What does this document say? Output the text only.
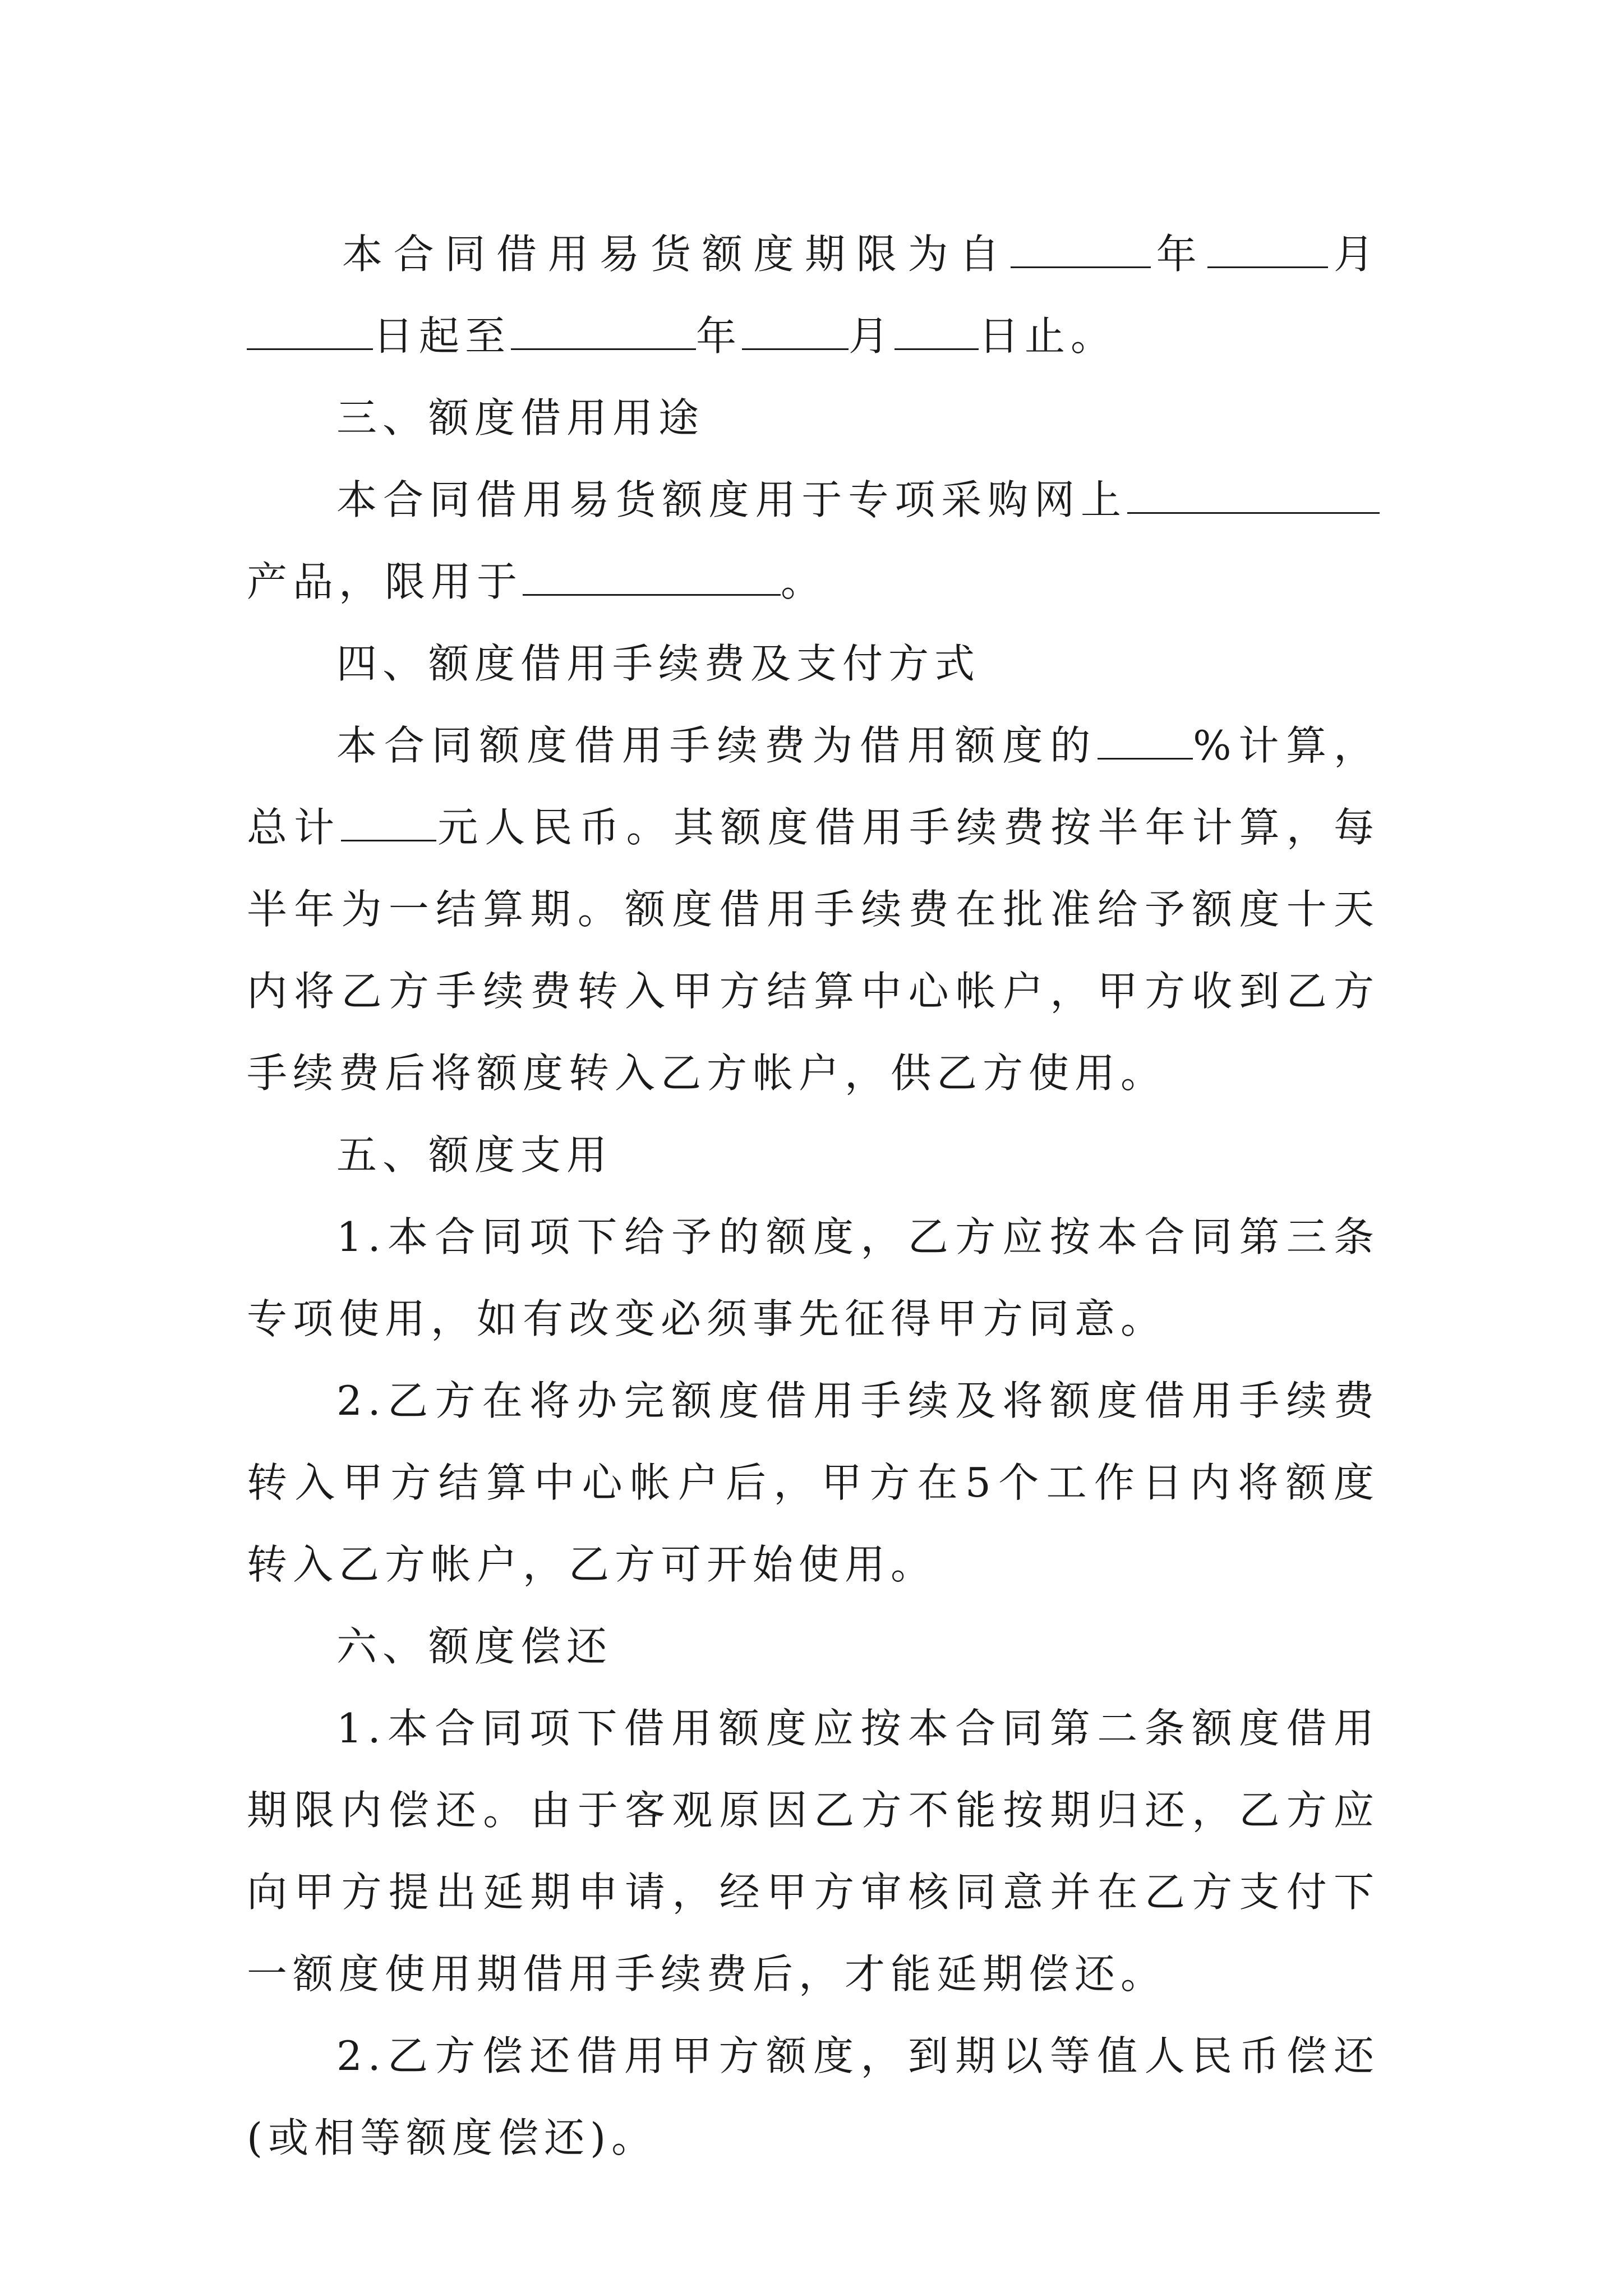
本合同借用易货额度期限为自	年	月日起至	年	月 日止。

三、额度借用用途

本合同借用易货额度用于专项采购网上产品，限用于	。

四、额度借用手续费及支付方式

本合同额度借用手续费为借用额度的 %计算，总计 元人民币。其额度借用手续费按半年计算，每半年为一结算期。额度借用手续费在批准给予额度十天内将乙方手续费转入甲方结算中心帐户，甲方收到乙方手续费后将额度转入乙方帐户，供乙方使用。

五、额度支用

1.本合同项下给予的额度，乙方应按本合同第三条专项使用，如有改变必须事先征得甲方同意。

2.乙方在将办完额度借用手续及将额度借用手续费转入甲方结算中心帐户后，甲方在5个工作日内将额度转入乙方帐户，乙方可开始使用。

六、额度偿还

1.本合同项下借用额度应按本合同第二条额度借用期限内偿还。由于客观原因乙方不能按期归还，乙方应向甲方提出延期申请，经甲方审核同意并在乙方支付下一额度使用期借用手续费后，才能延期偿还。

2.乙方偿还借用甲方额度，到期以等值人民币偿还(或相等额度偿还)。
